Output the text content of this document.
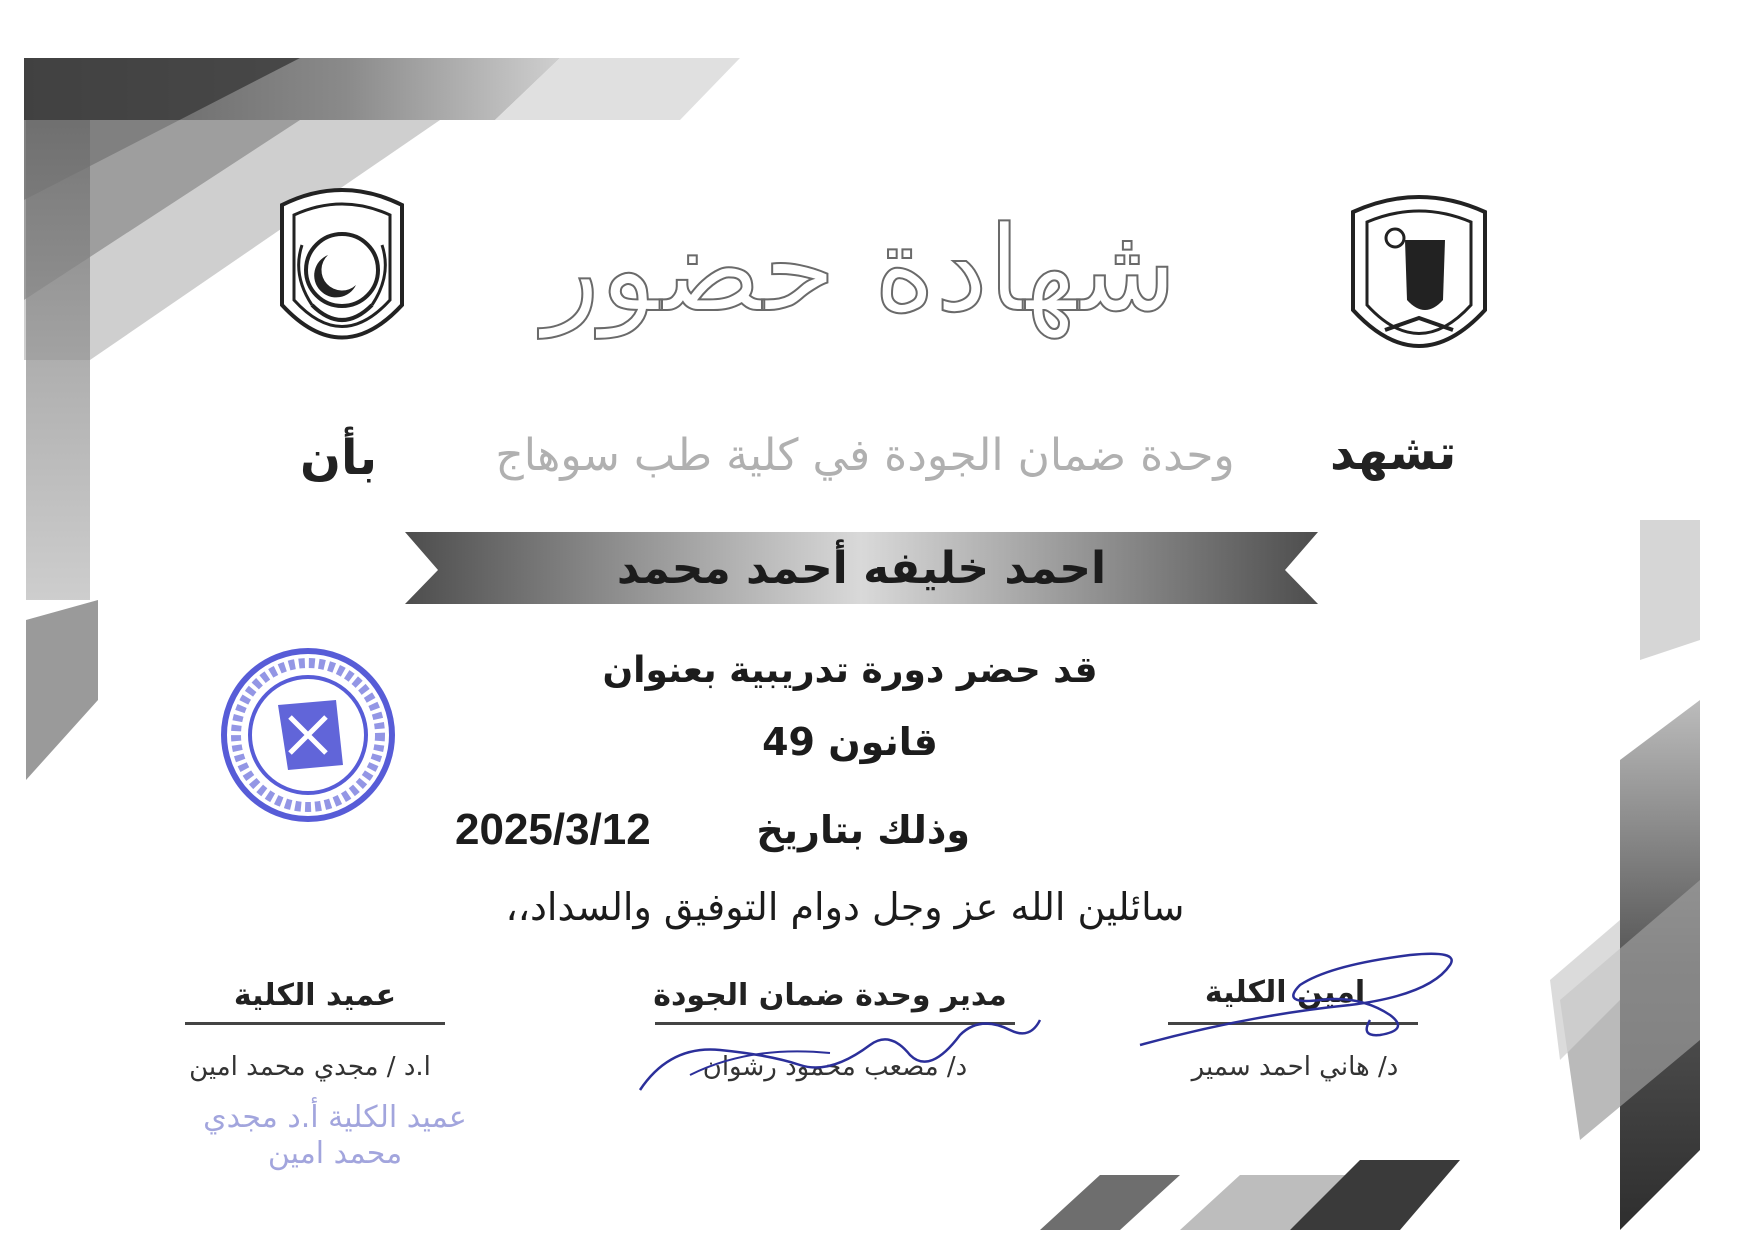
شهادة حضور
تشهد
وحدة ضمان الجودة في كلية طب سوهاج
بأن
احمد خليفه أحمد محمد
قد حضر دورة تدريبية بعنوان
قانون 49
وذلك بتاريخ
2025/3/12
سائلين الله عز وجل دوام التوفيق والسداد،،
امين الكلية
د/ هاني احمد سمير
مدير وحدة ضمان الجودة
د/ مصعب محمود رشوان
عميد الكلية
ا.د / مجدي محمد امين
عميد الكلية أ.د مجدي محمد امين
